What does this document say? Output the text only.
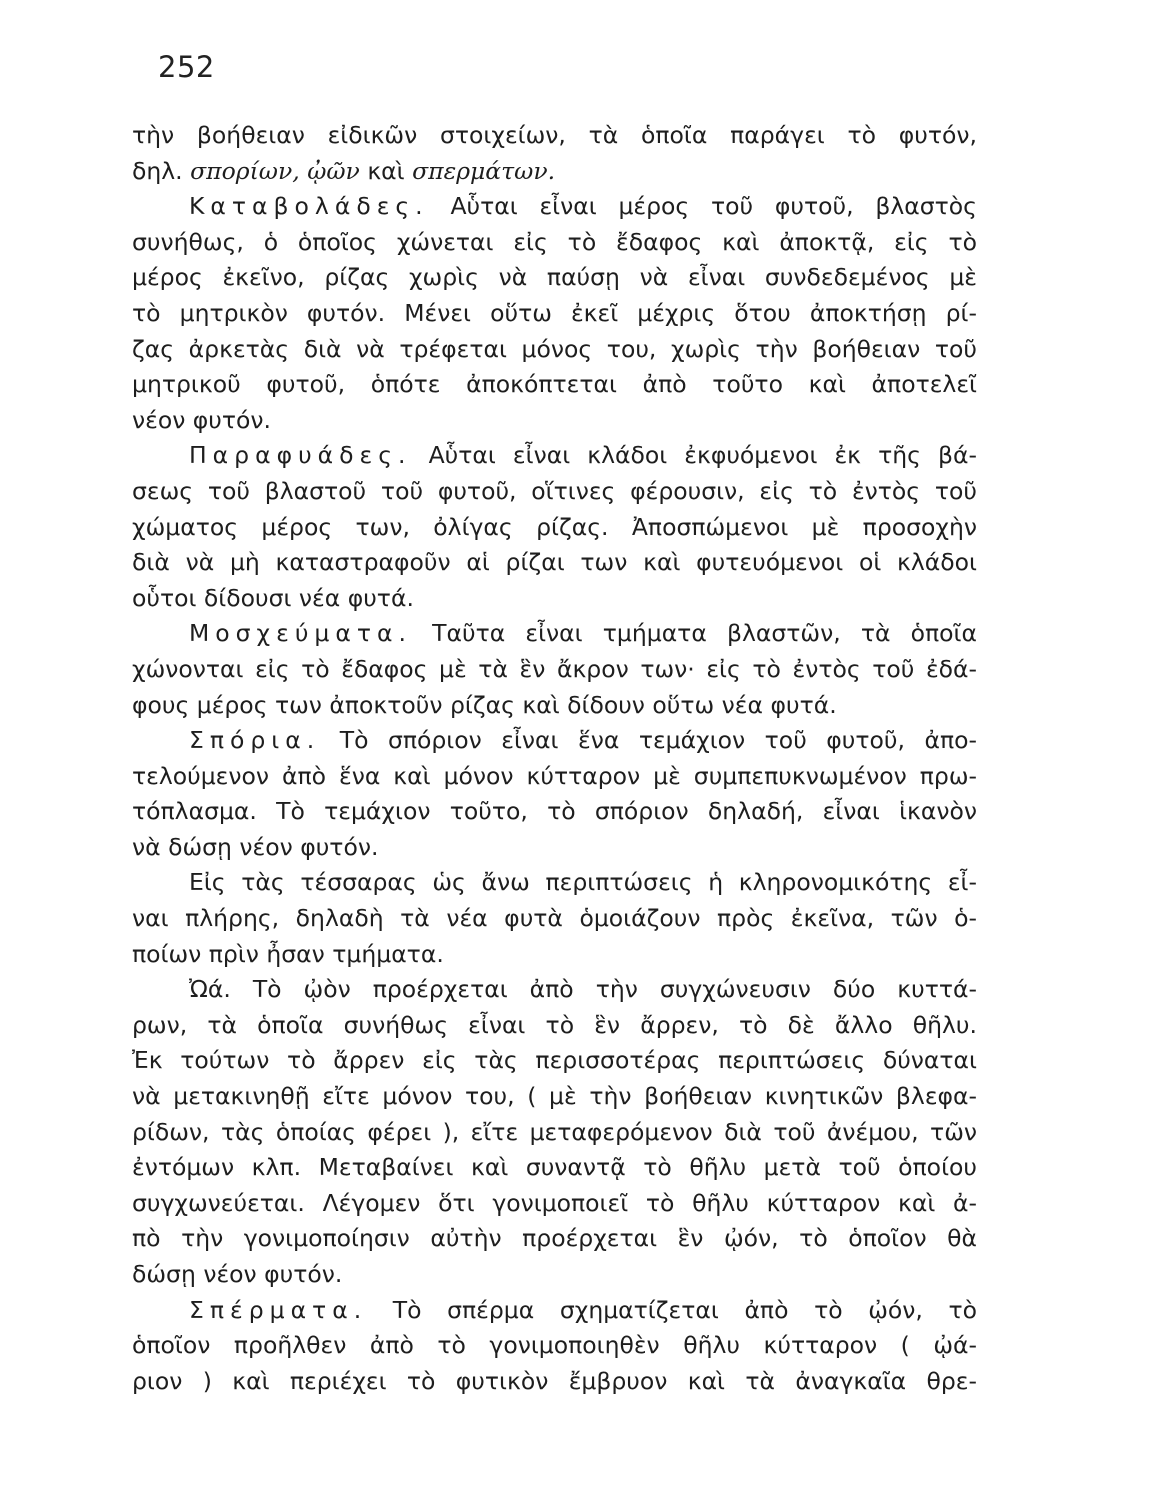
252
τὴν βοήθειαν εἰδικῶν στοιχείων, τὰ ὁποῖα παράγει τὸ φυτόν,
δηλ. σπορίων, ᾠῶν καὶ σπερμάτων.
Καταβολάδες. Αὗται εἶναι μέρος τοῦ φυτοῦ, βλαστὸς
συνήθως, ὁ ὁποῖος χώνεται εἰς τὸ ἔδαφος καὶ ἀποκτᾷ, εἰς τὸ
μέρος ἐκεῖνο, ρίζας χωρὶς νὰ παύσῃ νὰ εἶναι συνδεδεμένος μὲ
τὸ μητρικὸν φυτόν. Μένει οὕτω ἐκεῖ μέχρις ὅτου ἀποκτήσῃ ρί-
ζας ἀρκετὰς διὰ νὰ τρέφεται μόνος του, χωρὶς τὴν βοήθειαν τοῦ
μητρικοῦ φυτοῦ, ὁπότε ἀποκόπτεται ἀπὸ τοῦτο καὶ ἀποτελεῖ
νέον φυτόν.
Παραφυάδες. Αὗται εἶναι κλάδοι ἐκφυόμενοι ἐκ τῆς βά-
σεως τοῦ βλαστοῦ τοῦ φυτοῦ, οἵτινες φέρουσιν, εἰς τὸ ἐντὸς τοῦ
χώματος μέρος των, ὀλίγας ρίζας. Ἀποσπώμενοι μὲ προσοχὴν
διὰ νὰ μὴ καταστραφοῦν αἱ ρίζαι των καὶ φυτευόμενοι οἱ κλάδοι
οὗτοι δίδουσι νέα φυτά.
Μοσχεύματα. Ταῦτα εἶναι τμήματα βλαστῶν, τὰ ὁποῖα
χώνονται εἰς τὸ ἔδαφος μὲ τὰ ἓν ἄκρον των· εἰς τὸ ἐντὸς τοῦ ἐδά-
φους μέρος των ἀποκτοῦν ρίζας καὶ δίδουν οὕτω νέα φυτά.
Σπόρια. Τὸ σπόριον εἶναι ἕνα τεμάχιον τοῦ φυτοῦ, ἀπο-
τελούμενον ἀπὸ ἕνα καὶ μόνον κύτταρον μὲ συμπεπυκνωμένον πρω-
τόπλασμα. Τὸ τεμάχιον τοῦτο, τὸ σπόριον δηλαδή, εἶναι ἱκανὸν
νὰ δώσῃ νέον φυτόν.
Εἰς τὰς τέσσαρας ὡς ἄνω περιπτώσεις ἡ κληρονομικότης εἶ-
ναι πλήρης, δηλαδὴ τὰ νέα φυτὰ ὁμοιάζουν πρὸς ἐκεῖνα, τῶν ὁ-
ποίων πρὶν ἦσαν τμήματα.
Ὠά. Τὸ ᾠὸν προέρχεται ἀπὸ τὴν συγχώνευσιν δύο κυττά-
ρων, τὰ ὁποῖα συνήθως εἶναι τὸ ἓν ἄρρεν, τὸ δὲ ἄλλο θῆλυ.
Ἐκ τούτων τὸ ἄρρεν εἰς τὰς περισσοτέρας περιπτώσεις δύναται
νὰ μετακινηθῇ εἴτε μόνον του, ( μὲ τὴν βοήθειαν κινητικῶν βλεφα-
ρίδων, τὰς ὁποίας φέρει ), εἴτε μεταφερόμενον διὰ τοῦ ἀνέμου, τῶν
ἐντόμων κλπ. Μεταβαίνει καὶ συναντᾷ τὸ θῆλυ μετὰ τοῦ ὁποίου
συγχωνεύεται. Λέγομεν ὅτι γονιμοποιεῖ τὸ θῆλυ κύτταρον καὶ ἀ-
πὸ τὴν γονιμοποίησιν αὐτὴν προέρχεται ἓν ᾠόν, τὸ ὁποῖον θὰ
δώσῃ νέον φυτόν.
Σπέρματα. Τὸ σπέρμα σχηματίζεται ἀπὸ τὸ ᾠόν, τὸ
ὁποῖον προῆλθεν ἀπὸ τὸ γονιμοποιηθὲν θῆλυ κύτταρον ( ᾠά-
ριον ) καὶ περιέχει τὸ φυτικὸν ἔμβρυον καὶ τὰ ἀναγκαῖα θρε-
